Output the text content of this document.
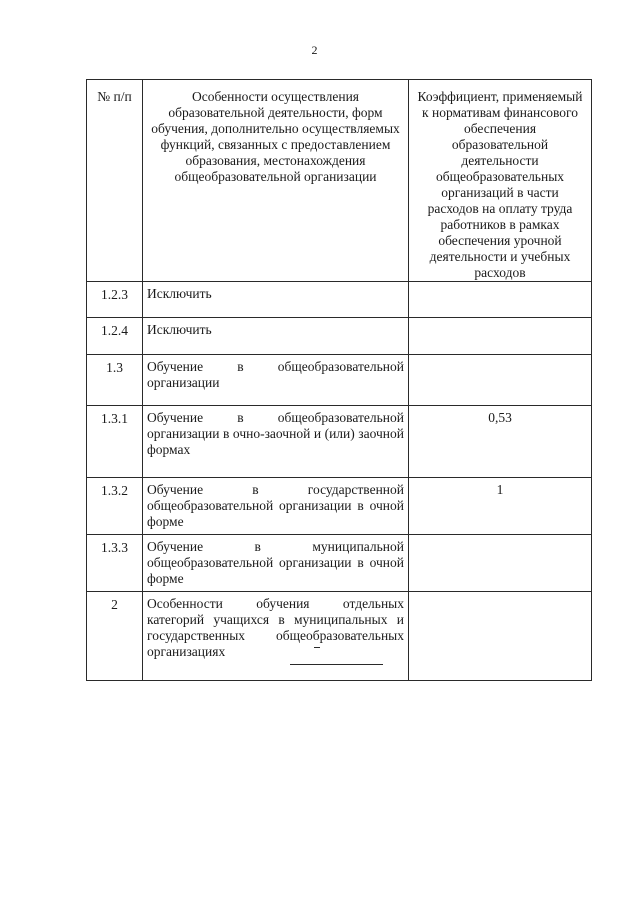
2
№ п/п	Особенности осуществления образовательной деятельности, форм обучения, дополнительно осуществляемых функций, связанных с предоставлением образования, местонахождения общеобразовательной организации	Коэффициент, применяемый к нормативам финансового обеспечения образовательной деятельности общеобразовательных организаций в части расходов на оплату труда работников в рамках обеспечения урочной деятельности и учебных расходов
1.2.3	Исключить	
1.2.4	Исключить	
1.3	Обучение в общеобразовательной организации	
1.3.1	Обучение в общеобразовательной организации в очно-заочной и (или) заочной формах	0,53
1.3.2	Обучение в государственной общеобразовательной организации в очной форме	1
1.3.3	Обучение в муниципальной общеобразовательной организации в очной форме	
2	Особенности обучения отдельных категорий учащихся в муниципальных и государственных общеобразовательных организациях	
